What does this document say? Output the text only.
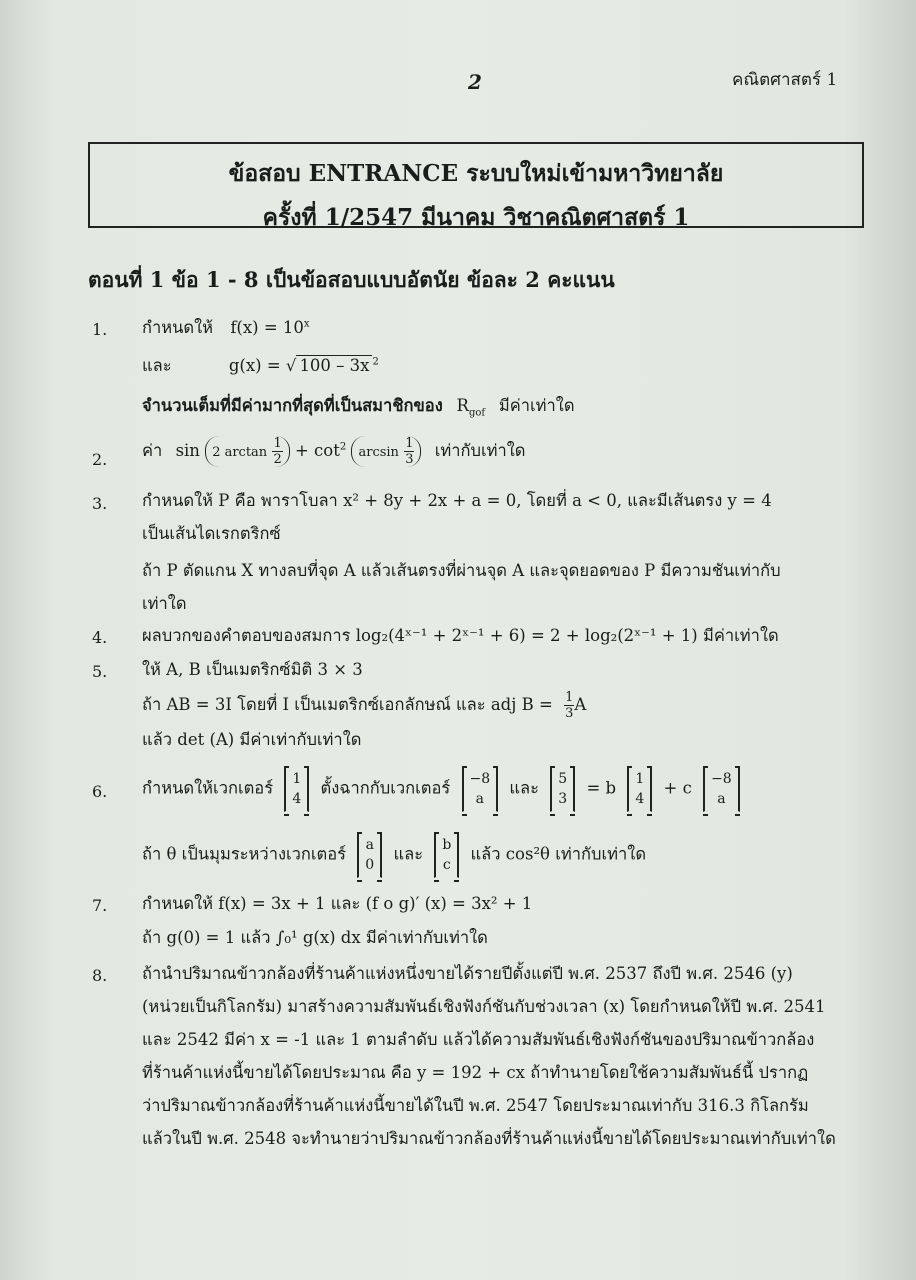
2	คณิตศาสตร์ 1
ข้อสอบ ENTRANCE ระบบใหม่เข้ามหาวิทยาลัย
ครั้งที่ 1/2547 มีนาคม วิชาคณิตศาสตร์ 1
ตอนที่ 1 ข้อ 1 - 8 เป็นข้อสอบแบบอัตนัย ข้อละ 2 คะแนน
1. กำหนดให้ $f(x) = 10^x$
และ	g(x) = √ 100 – 3x $^2$
จำนวนเต็มที่มีค่ามากที่สุดที่เป็นสมาชิกของ $R_{gof}$ มีค่าเท่าใด
2. ค่า sin 2 $\arctan \frac{1}{2} + \cot^2 \arcsin \frac{1}{3}$ เท่ากับเท่าใด
3. กำหนดให้ P คือ พาราโบลา x² + 8y + 2x + a = 0, โดยที่ a < 0, และมีเส้นตรง y = 4
เป็นเส้นไดเรกตริกซ์
ถ้า P ตัดแกน X ทางลบที่จุด A แล้วเส้นตรงที่ผ่านจุด A และจุดยอดของ P มีความชันเท่ากับ
เท่าใด
4. ผลบวกของคำตอบของสมการ log₂(4ˣ⁻¹ + 2ˣ⁻¹ + 6) = 2 + log₂(2ˣ⁻¹ + 1) มีค่าเท่าใด
5. ให้ A, B เป็นเมตริกซ์มิติ 3 × 3
ถ้า AB = 3I โดยที่ I เป็นเมตริกซ์เอกลักษณ์ และ adj $B = \frac{1}{3}$ A
แล้ว det (A) มีค่าเท่ากับเท่าใด
6. กำหนดให้เวกเตอร์ 1
4
ตั้งฉากกับเวกเตอร์ −8
a
และ 5
3
= b 1
4
+ c −8
a
ถ้า θ เป็นมุมระหว่างเวกเตอร์ a
0
และ b
c
แล้ว cos²θ เท่ากับเท่าใด
7. กำหนดให้ f(x) = 3x + 1 และ (f o g)′ (x) = 3x² + 1
ถ้า g(0) = 1 แล้ว ∫₀¹ g(x) dx มีค่าเท่ากับเท่าใด
8. ถ้านำปริมาณข้าวกล้องที่ร้านค้าแห่งหนึ่งขายได้รายปีตั้งแต่ปี พ.ศ. 2537 ถึงปี พ.ศ. 2546 (y)
(หน่วยเป็นกิโลกรัม) มาสร้างความสัมพันธ์เชิงฟังก์ชันกับช่วงเวลา (x) โดยกำหนดให้ปี พ.ศ. 2541
และ 2542 มีค่า x = -1 และ 1 ตามลำดับ แล้วได้ความสัมพันธ์เชิงฟังก์ชันของปริมาณข้าวกล้อง
ที่ร้านค้าแห่งนี้ขายได้โดยประมาณ คือ y = 192 + cx ถ้าทำนายโดยใช้ความสัมพันธ์นี้ ปรากฏ
ว่าปริมาณข้าวกล้องที่ร้านค้าแห่งนี้ขายได้ในปี พ.ศ. 2547 โดยประมาณเท่ากับ 316.3 กิโลกรัม
แล้วในปี พ.ศ. 2548 จะทำนายว่าปริมาณข้าวกล้องที่ร้านค้าแห่งนี้ขายได้โดยประมาณเท่ากับเท่าใด
